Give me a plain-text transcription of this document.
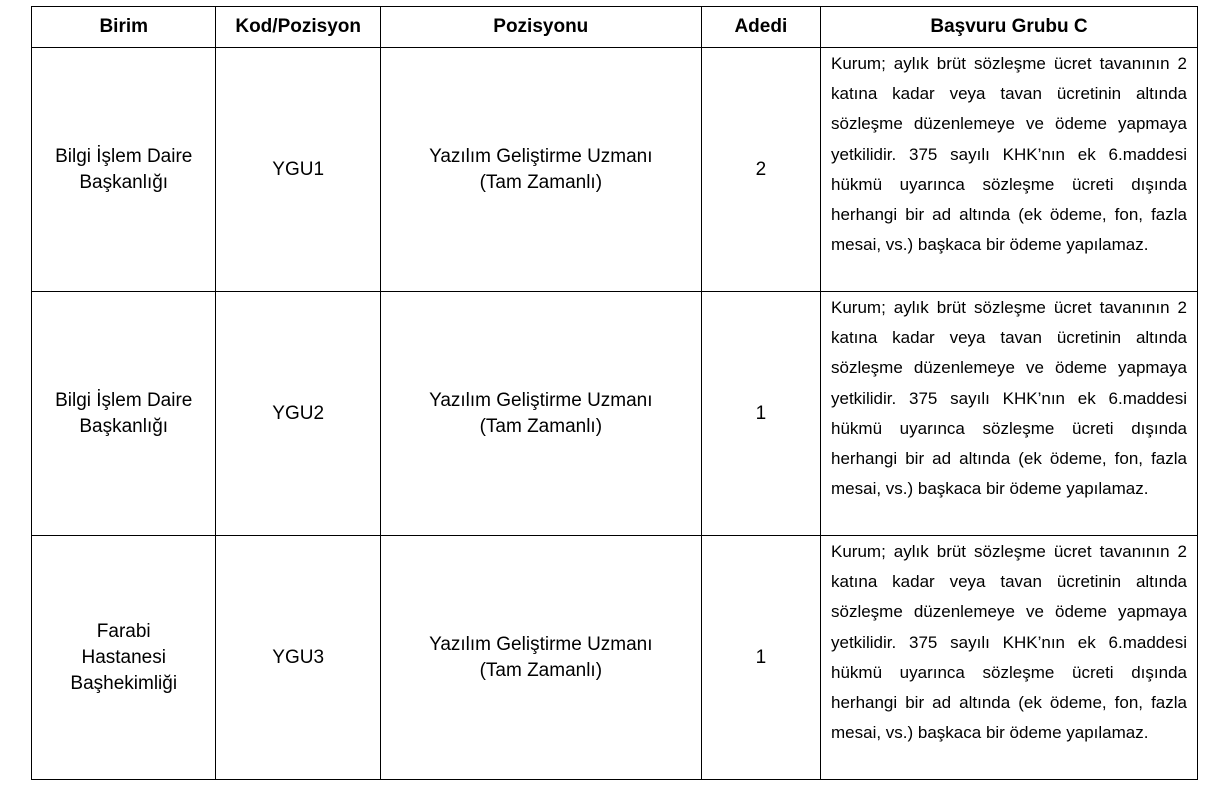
Birim	Kod/Pozisyon	Pozisyonu	Adedi	Başvuru Grubu C
Bilgi İşlem Daire Başkanlığı	YGU1	Yazılım Geliştirme Uzmanı (Tam Zamanlı)	2	Kurum; aylık brüt sözleşme ücret tavanının 2 katına kadar veya tavan ücretinin altında sözleşme düzenlemeye ve ödeme yapmaya yetkilidir. 375 sayılı KHK’nın ek 6.maddesi hükmü uyarınca sözleşme ücreti dışında herhangi bir ad altında (ek ödeme, fon, fazla mesai, vs.) başkaca bir ödeme yapılamaz.
Bilgi İşlem Daire Başkanlığı	YGU2	Yazılım Geliştirme Uzmanı (Tam Zamanlı)	1	Kurum; aylık brüt sözleşme ücret tavanının 2 katına kadar veya tavan ücretinin altında sözleşme düzenlemeye ve ödeme yapmaya yetkilidir. 375 sayılı KHK’nın ek 6.maddesi hükmü uyarınca sözleşme ücreti dışında herhangi bir ad altında (ek ödeme, fon, fazla mesai, vs.) başkaca bir ödeme yapılamaz.
Farabi Hastanesi Başhekimliği	YGU3	Yazılım Geliştirme Uzmanı (Tam Zamanlı)	1	Kurum; aylık brüt sözleşme ücret tavanının 2 katına kadar veya tavan ücretinin altında sözleşme düzenlemeye ve ödeme yapmaya yetkilidir. 375 sayılı KHK’nın ek 6.maddesi hükmü uyarınca sözleşme ücreti dışında herhangi bir ad altında (ek ödeme, fon, fazla mesai, vs.) başkaca bir ödeme yapılamaz.
